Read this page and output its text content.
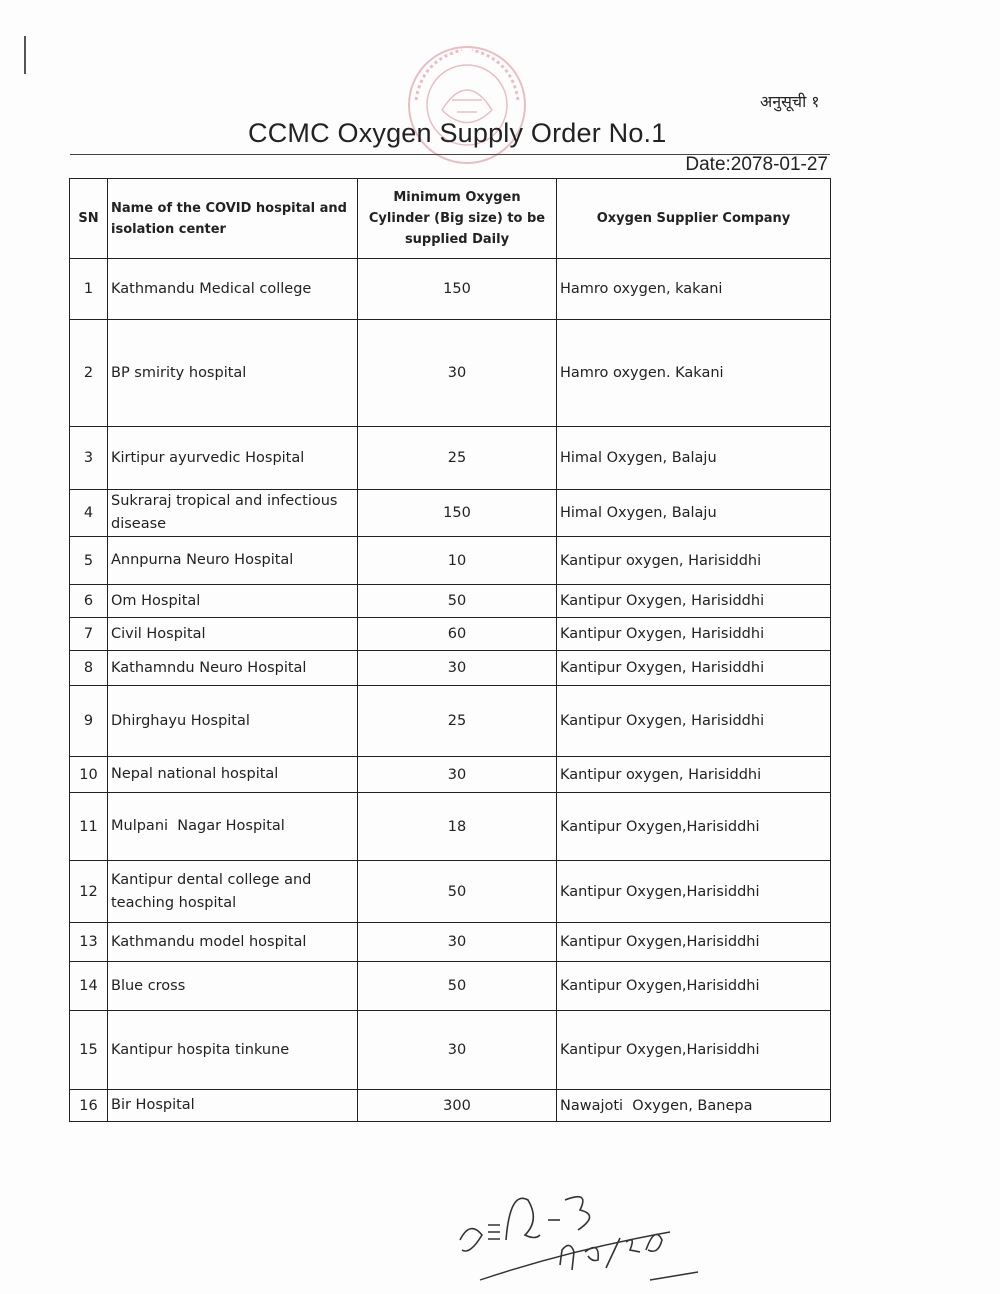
अनुसूची १
CCMC Oxygen Supply Order No.1
Date:2078-01-27
SN	Name of the COVID hospital and isolation center	Minimum Oxygen Cylinder (Big size) to be supplied Daily	Oxygen Supplier Company
1	Kathmandu Medical college	150	Hamro oxygen, kakani
2	BP smirity hospital	30	Hamro oxygen. Kakani
3	Kirtipur ayurvedic Hospital	25	Himal Oxygen, Balaju
4	Sukraraj tropical and infectious disease	150	Himal Oxygen, Balaju
5	Annpurna Neuro Hospital	10	Kantipur oxygen, Harisiddhi
6	Om Hospital	50	Kantipur Oxygen, Harisiddhi
7	Civil Hospital	60	Kantipur Oxygen, Harisiddhi
8	Kathamndu Neuro Hospital	30	Kantipur Oxygen, Harisiddhi
9	Dhirghayu Hospital	25	Kantipur Oxygen, Harisiddhi
10	Nepal national hospital	30	Kantipur oxygen, Harisiddhi
11	Mulpani  Nagar Hospital	18	Kantipur Oxygen,Harisiddhi
12	Kantipur dental college and teaching hospital	50	Kantipur Oxygen,Harisiddhi
13	Kathmandu model hospital	30	Kantipur Oxygen,Harisiddhi
14	Blue cross	50	Kantipur Oxygen,Harisiddhi
15	Kantipur hospita tinkune	30	Kantipur Oxygen,Harisiddhi
16	Bir Hospital	300	Nawajoti  Oxygen, Banepa
